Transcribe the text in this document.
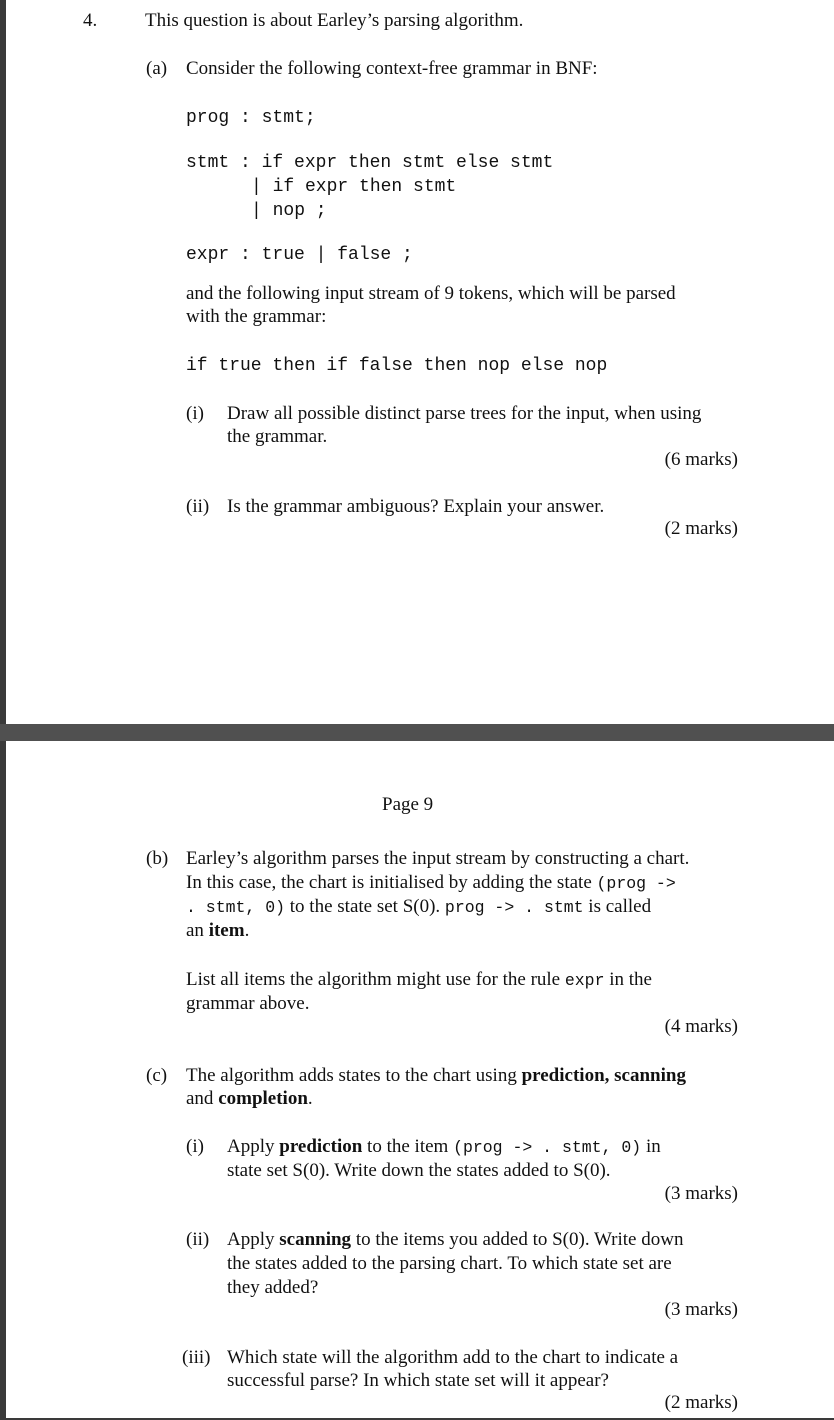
4.	This question is about Earley’s parsing algorithm.
(a) Consider the following context-free grammar in BNF:
prog : stmt;
stmt : if expr then stmt else stmt
| if expr then stmt
| nop ;
expr : true | false ;
and the following input stream of 9 tokens, which will be parsed
with the grammar:
if true then if false then nop else nop
(i) Draw all possible distinct parse trees for the input, when using
the grammar.
(6 marks)
(ii) Is the grammar ambiguous? Explain your answer.
(2 marks)
Page 9
(b) Earley’s algorithm parses the input stream by constructing a chart.
In this case, the chart is initialised by adding the state (prog ->
. stmt, 0) to the state set S(0). prog -> . stmt is called
an item.
List all items the algorithm might use for the rule expr in the
grammar above.
(4 marks)
(c) The algorithm adds states to the chart using prediction, scanning
and completion.
(i) Apply prediction to the item (prog -> . stmt, 0) in
state set S(0). Write down the states added to S(0).
(3 marks)
(ii) Apply scanning to the items you added to S(0). Write down
the states added to the parsing chart. To which state set are
they added?
(3 marks)
(iii) Which state will the algorithm add to the chart to indicate a
successful parse? In which state set will it appear?
(2 marks)
